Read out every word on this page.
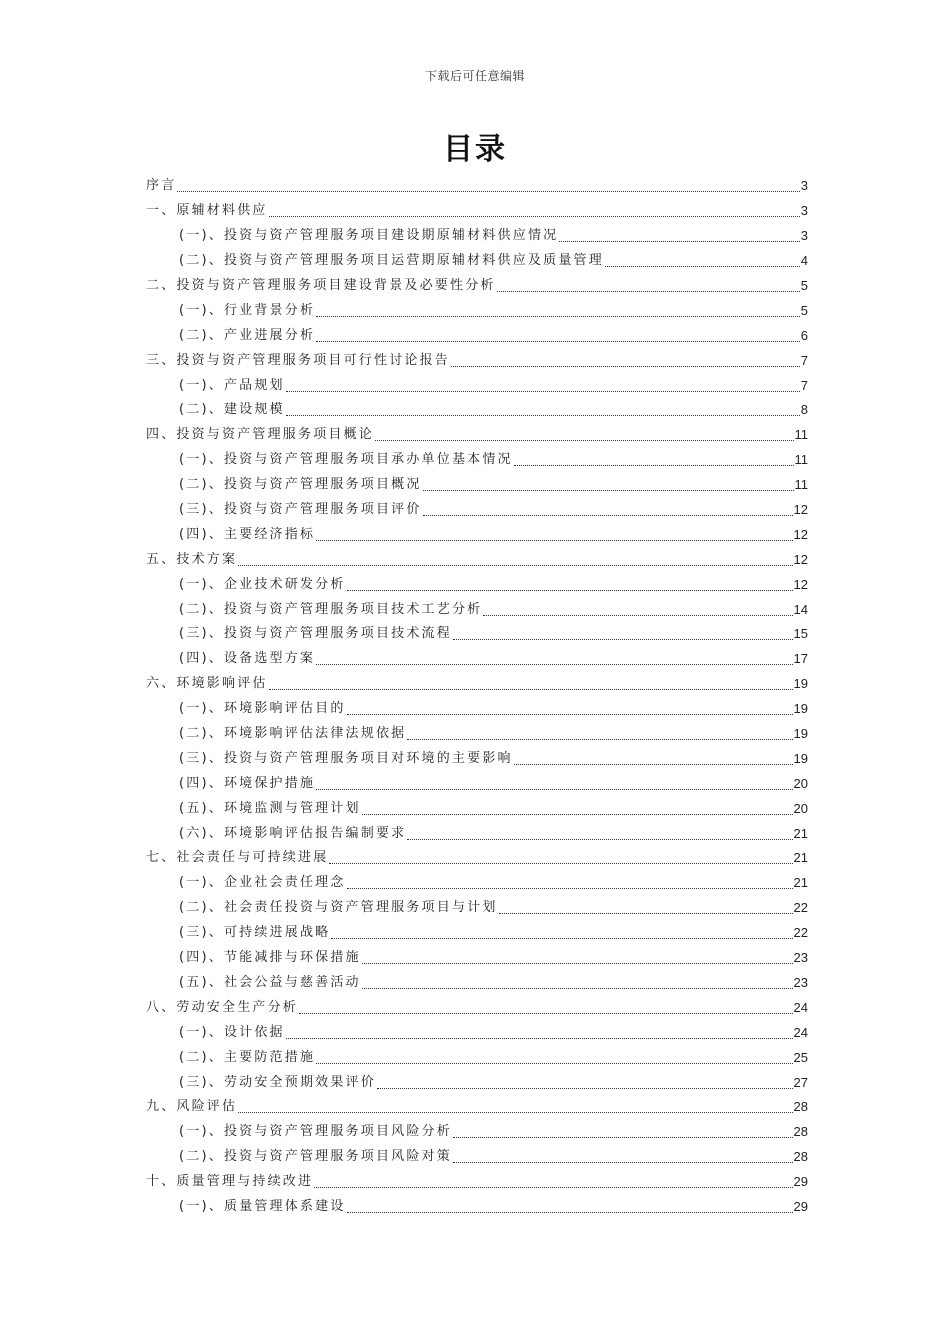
下载后可任意编辑
目录
序言	3
一、原辅材料供应	3
(一)、投资与资产管理服务项目建设期原辅材料供应情况	3
(二)、投资与资产管理服务项目运营期原辅材料供应及质量管理	4
二、投资与资产管理服务项目建设背景及必要性分析	5
(一)、行业背景分析	5
(二)、产业进展分析	6
三、投资与资产管理服务项目可行性讨论报告	7
(一)、产品规划	7
(二)、建设规模	8
四、投资与资产管理服务项目概论	11
(一)、投资与资产管理服务项目承办单位基本情况	11
(二)、投资与资产管理服务项目概况	11
(三)、投资与资产管理服务项目评价	12
(四)、主要经济指标	12
五、技术方案	12
(一)、企业技术研发分析	12
(二)、投资与资产管理服务项目技术工艺分析	14
(三)、投资与资产管理服务项目技术流程	15
(四)、设备选型方案	17
六、环境影响评估	19
(一)、环境影响评估目的	19
(二)、环境影响评估法律法规依据	19
(三)、投资与资产管理服务项目对环境的主要影响	19
(四)、环境保护措施	20
(五)、环境监测与管理计划	20
(六)、环境影响评估报告编制要求	21
七、社会责任与可持续进展	21
(一)、企业社会责任理念	21
(二)、社会责任投资与资产管理服务项目与计划	22
(三)、可持续进展战略	22
(四)、节能减排与环保措施	23
(五)、社会公益与慈善活动	23
八、劳动安全生产分析	24
(一)、设计依据	24
(二)、主要防范措施	25
(三)、劳动安全预期效果评价	27
九、风险评估	28
(一)、投资与资产管理服务项目风险分析	28
(二)、投资与资产管理服务项目风险对策	28
十、质量管理与持续改进	29
(一)、质量管理体系建设	29
